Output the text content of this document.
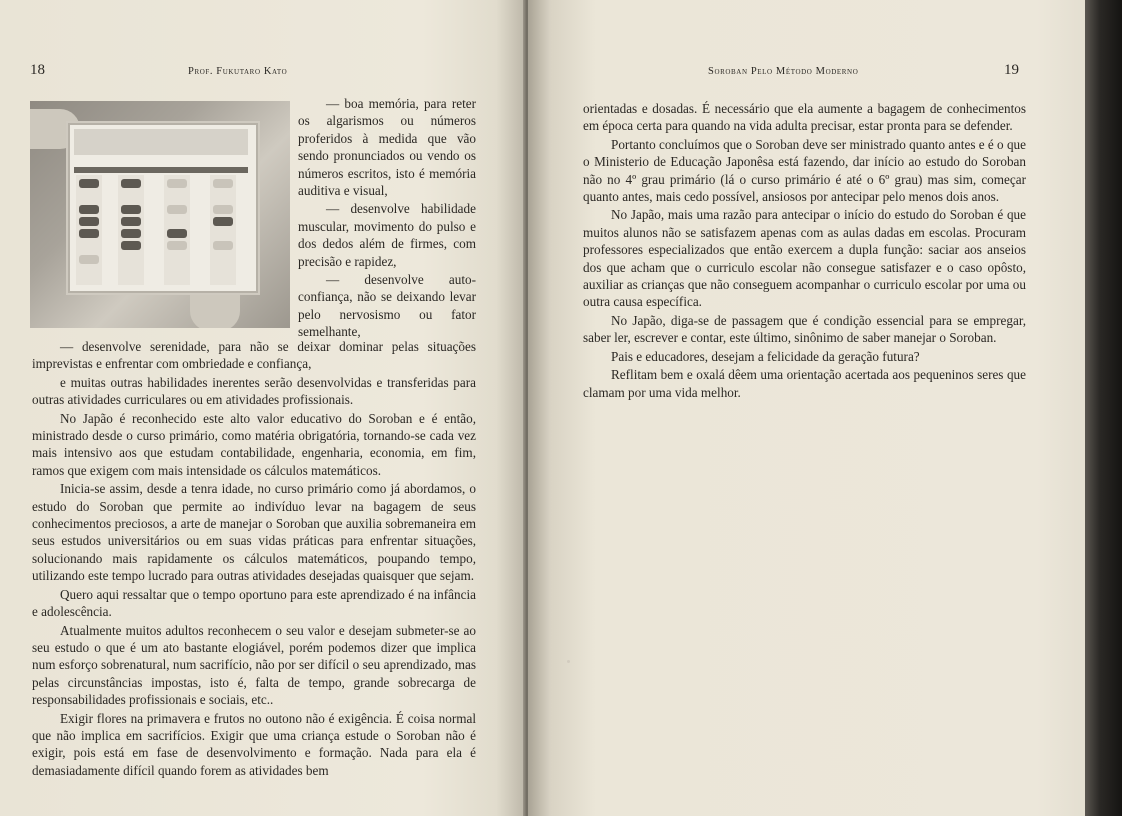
18	Prof. Fukutaro Kato

— boa memória, para reter os algarismos ou números proferidos à medida que vão sendo pronunciados ou vendo os números escritos, isto é memória auditiva e visual,

— desenvolve habilidade muscular, movimento do pulso e dos dedos além de firmes, com precisão e rapidez,

— desenvolve auto-confiança, não se deixando levar pelo nervosismo ou fator semelhante,

— desenvolve serenidade, para não se deixar dominar pelas situações imprevistas e enfrentar com ombriedade e confiança,

e muitas outras habilidades inerentes serão desenvolvidas e transferidas para outras atividades curriculares ou em atividades profissionais.

No Japão é reconhecido este alto valor educativo do Soroban e é então, ministrado desde o curso primário, como matéria obrigatória, tornando-se cada vez mais intensivo aos que estudam contabilidade, engenharia, economia, em fim, ramos que exigem com mais intensidade os cálculos matemáticos.

Inicia-se assim, desde a tenra idade, no curso primário como já abordamos, o estudo do Soroban que permite ao indivíduo levar na bagagem de seus conhecimentos preciosos, a arte de manejar o Soroban que auxilia sobremaneira em seus estudos universitários ou em suas vidas práticas para enfrentar situações, solucionando mais rapidamente os cálculos matemáticos, poupando tempo, utilizando este tempo lucrado para outras atividades desejadas quaisquer que sejam.

Quero aqui ressaltar que o tempo oportuno para este aprendizado é na infância e adolescência.

Atualmente muitos adultos reconhecem o seu valor e desejam submeter-se ao seu estudo o que é um ato bastante elogiável, porém podemos dizer que implica num esforço sobrenatural, num sacrifício, não por ser difícil o seu aprendizado, mas pelas circunstâncias impostas, isto é, falta de tempo, grande sobrecarga de responsabilidades profissionais e sociais, etc..

Exigir flores na primavera e frutos no outono não é exigência. É coisa normal que não implica em sacrifícios. Exigir que uma criança estude o Soroban não é exigir, pois está em fase de desenvolvimento e formação. Nada para ela é demasiadamente difícil quando forem as atividades bem

Soroban Pelo Método Moderno	19

orientadas e dosadas. É necessário que ela aumente a bagagem de conhecimentos em época certa para quando na vida adulta precisar, estar pronta para se defender.

Portanto concluímos que o Soroban deve ser ministrado quanto antes e é o que o Ministerio de Educação Japonêsa está fazendo, dar início ao estudo do Soroban não no 4º grau primário (lá o curso primário é até o 6º grau) mas sim, começar quanto antes, mais cedo possível, ansiosos por antecipar pelo menos dois anos.

No Japão, mais uma razão para antecipar o início do estudo do Soroban é que muitos alunos não se satisfazem apenas com as aulas dadas em escolas. Procuram professores especializados que então exercem a dupla função: saciar aos anseios dos que acham que o curriculo escolar não consegue satisfazer e o caso opôsto, auxiliar as crianças que não conseguem acompanhar o curriculo escolar por uma ou outra causa específica.

No Japão, diga-se de passagem que é condição essencial para se empregar, saber ler, escrever e contar, este último, sinônimo de saber manejar o Soroban.

Pais e educadores, desejam a felicidade da geração futura?

Reflitam bem e oxalá dêem uma orientação acertada aos pequeninos seres que clamam por uma vida melhor.
